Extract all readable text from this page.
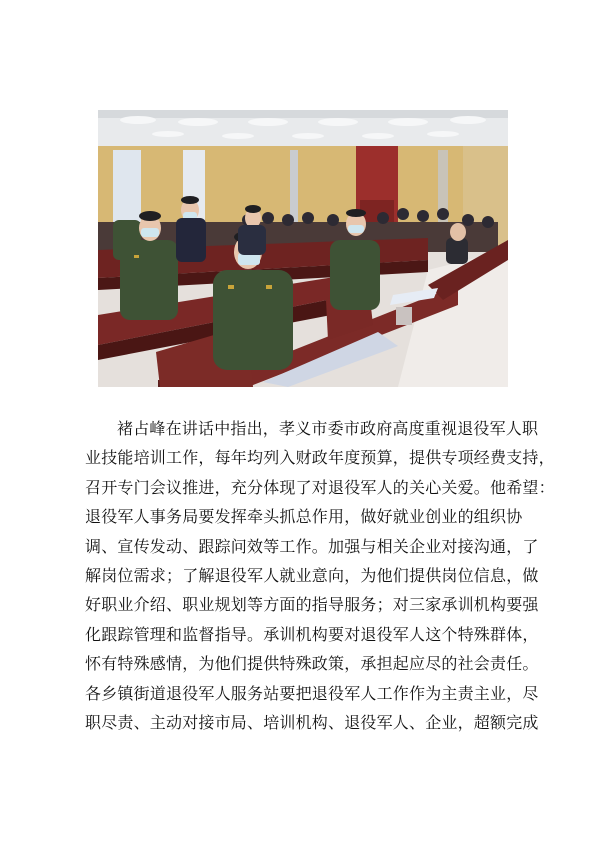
褚占峰在讲话中指出，孝义市委市政府高度重视退役军人职
业技能培训工作，每年均列入财政年度预算，提供专项经费支持，
召开专门会议推进，充分体现了对退役军人的关心关爱。他希望：
退役军人事务局要发挥牵头抓总作用，做好就业创业的组织协
调、宣传发动、跟踪问效等工作。加强与相关企业对接沟通，了
解岗位需求；了解退役军人就业意向，为他们提供岗位信息，做
好职业介绍、职业规划等方面的指导服务；对三家承训机构要强
化跟踪管理和监督指导。承训机构要对退役军人这个特殊群体，
怀有特殊感情，为他们提供特殊政策，承担起应尽的社会责任。
各乡镇街道退役军人服务站要把退役军人工作作为主责主业，尽
职尽责、主动对接市局、培训机构、退役军人、企业，超额完成
